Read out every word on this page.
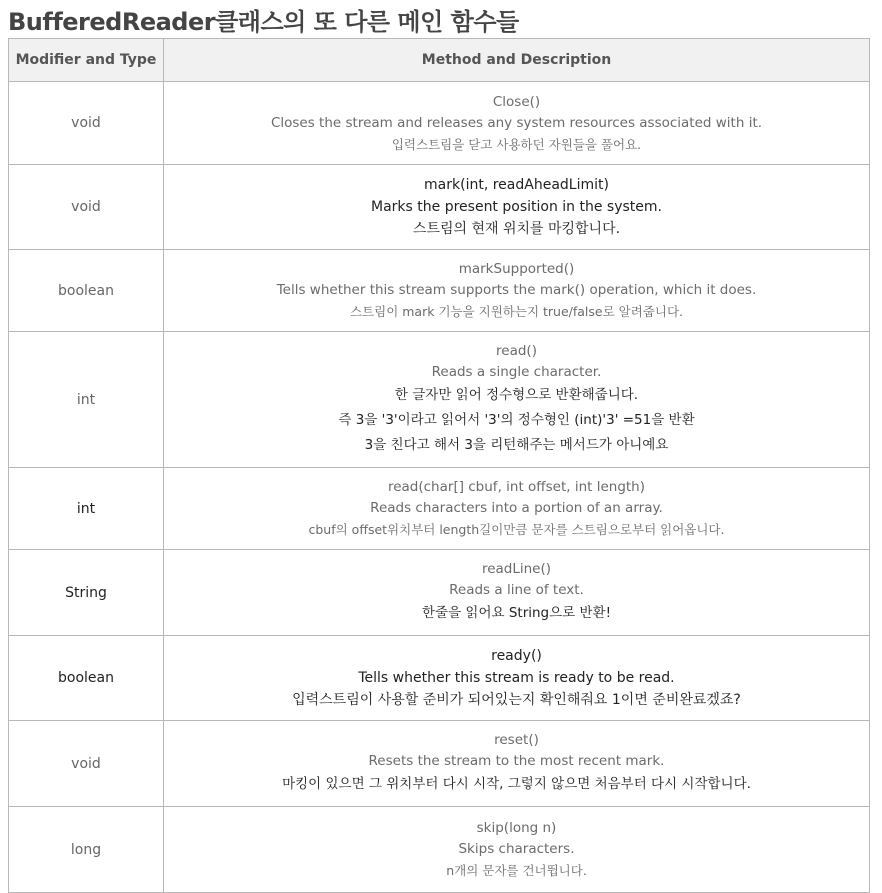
BufferedReader클래스의 또 다른 메인 함수들
Modifier and Type	Method and Description
void	Close()
Closes the stream and releases any system resources associated with it.
입력스트림을 닫고 사용하던 자원들을 풀어요.

void	mark(int, readAheadLimit)
Marks the present position in the system.
스트림의 현재 위치를 마킹합니다.

boolean	markSupported()
Tells whether this stream supports the mark() operation, which it does.
스트림이 mark 기능을 지원하는지 true/false로 알려줍니다.

int	read()
Reads a single character.
한 글자만 읽어 정수형으로 반환해줍니다.
즉 3을 '3'이라고 읽어서 '3'의 정수형인 (int)'3' =51을 반환
3을 친다고 해서 3을 리턴해주는 메서드가 아니예요

int	read(char[] cbuf, int offset, int length)
Reads characters into a portion of an array.
cbuf의 offset위치부터 length길이만큼 문자를 스트림으로부터 읽어옵니다.

String	readLine()
Reads a line of text.
한줄을 읽어요 String으로 반환!

boolean	ready()
Tells whether this stream is ready to be read.
입력스트림이 사용할 준비가 되어있는지 확인해줘요 1이면 준비완료겠죠?

void	reset()
Resets the stream to the most recent mark.
마킹이 있으면 그 위치부터 다시 시작, 그렇지 않으면 처음부터 다시 시작합니다.

long	skip(long n)
Skips characters.
n개의 문자를 건너뜁니다.
